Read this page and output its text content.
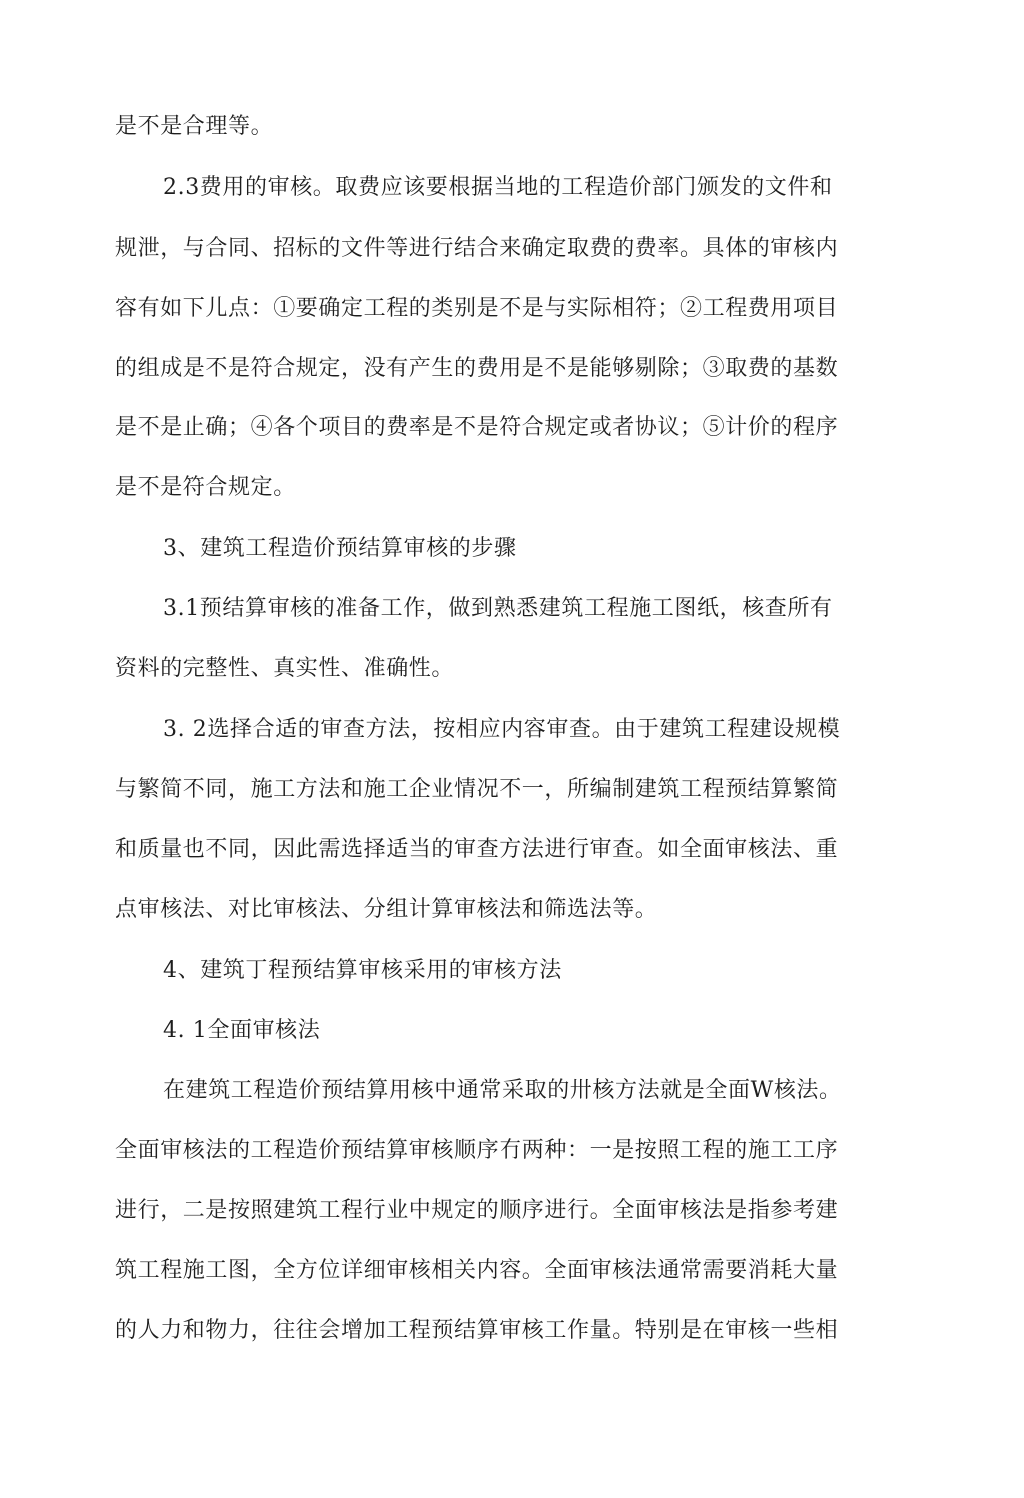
是不是合理等。
2.3费用的审核。取费应该要根据当地的工程造价部门颁发的文件和
规泄，与合同、招标的文件等进行结合来确定取费的费率。具体的审核内
容有如下儿点：①要确定工程的类别是不是与实际相符；②工程费用项目
的组成是不是符合规定，没有产生的费用是不是能够剔除；③取费的基数
是不是止确；④各个项目的费率是不是符合规定或者协议；⑤计价的程序
是不是符合规定。
3、建筑工程造价预结算审核的步骤
3.1预结算审核的准备工作，做到熟悉建筑工程施工图纸，核查所有
资料的完整性、真实性、准确性。
3. 2选择合适的审查方法，按相应内容审查。由于建筑工程建设规模
与繁简不同，施工方法和施工企业情况不一，所编制建筑工程预结算繁简
和质量也不同，因此需选择适当的审查方法进行审查。如全面审核法、重
点审核法、对比审核法、分组计算审核法和筛选法等。
4、建筑丁程预结算审核采用的审核方法
4. 1全面审核法
在建筑工程造价预结算用核中通常采取的卅核方法就是全面W核法。
全面审核法的工程造价预结算审核顺序冇两种：一是按照工程的施工工序
进行，二是按照建筑工程行业中规定的顺序进行。全面审核法是指参考建
筑工程施工图，全方位详细审核相关内容。全面审核法通常需要消耗大量
的人力和物力，往往会增加工程预结算审核工作量。特别是在审核一些相
